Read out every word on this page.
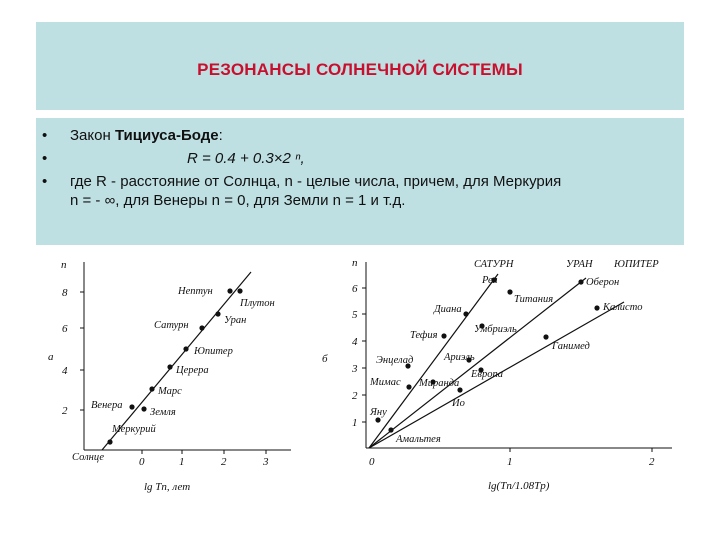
РЕЗОНАНСЫ СОЛНЕЧНОЙ СИСТЕМЫ
• Закон Тициуса-Боде:
•	R = 0.4 + 0.3×2 ⁿ,
• где R - расстояние от Солнца, n - целые числа, причем, для Меркурия
n = - ∞, для Венеры n = 0, для Земли n = 1 и т.д.
n
а
8
6
4
2
0	1	2	3
lg Tп, лет
Меркурий
Венера
Земля
Марс
Церера
Юпитер
Сатурн	Уран
Нептун
Плутон
Солнце
n
б
6
5
4
3
2
1
0	1	2
lg(Tп/1.08Tр)
САТУРН	УРАН ЮПИТЕР
Рея	Оберон
Титания
Диана	Калисто
Умбриэль
Тефия
Ганимед
Ариэль
Энцелад
Миранда
Мимас
Европа
Ио
Яну
Амальтея
